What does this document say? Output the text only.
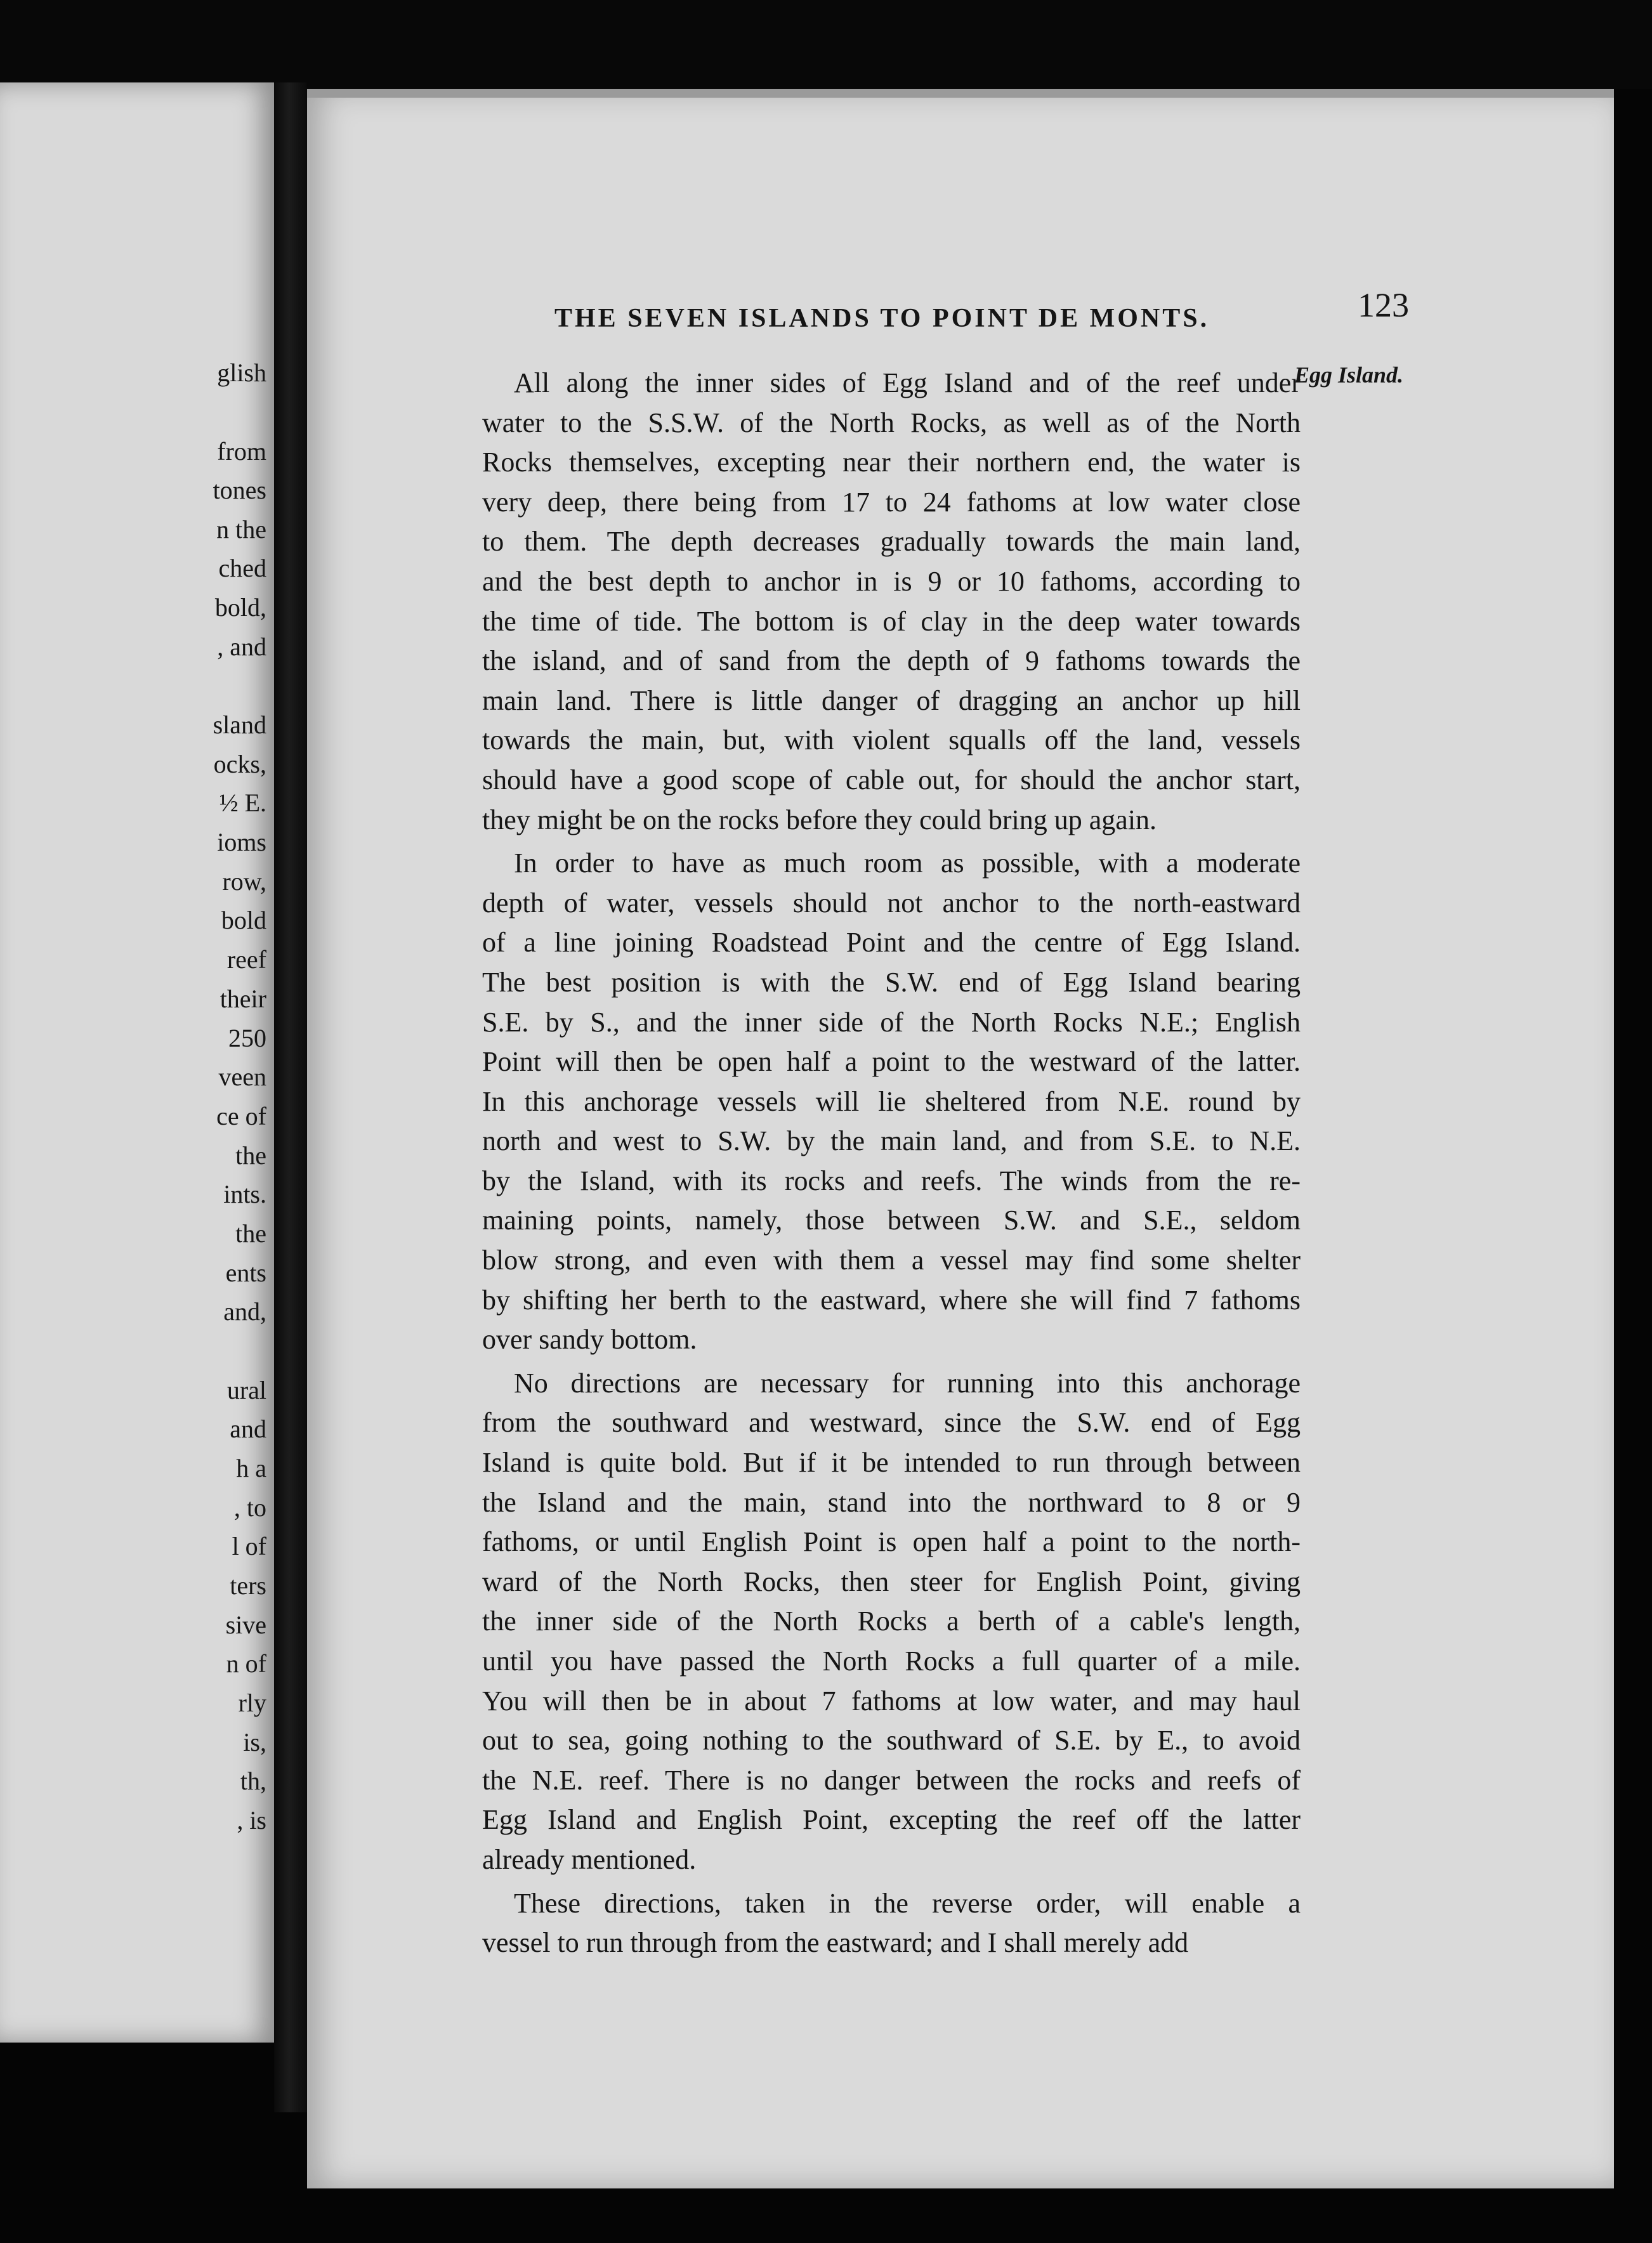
glish
from
tones
n the
ched
bold,
, and
sland
ocks,
½ E.
ioms
row,
bold
reef
their
250
veen
ce of
the
ints.
the
ents
and,
ural
and
h a
, to
l of
ters
sive
n of
rly
is,
th,
, is
THE SEVEN ISLANDS TO POINT DE MONTS.	123
Egg Island.
All along the inner sides of Egg Island and of the reef under
water to the S.S.W. of the North Rocks, as well as of the North
Rocks themselves, excepting near their northern end, the water is
very deep, there being from 17 to 24 fathoms at low water close
to them. The depth decreases gradually towards the main land,
and the best depth to anchor in is 9 or 10 fathoms, according to
the time of tide. The bottom is of clay in the deep water towards
the island, and of sand from the depth of 9 fathoms towards the
main land. There is little danger of dragging an anchor up hill
towards the main, but, with violent squalls off the land, vessels
should have a good scope of cable out, for should the anchor start,
they might be on the rocks before they could bring up again.
In order to have as much room as possible, with a moderate
depth of water, vessels should not anchor to the north-eastward
of a line joining Roadstead Point and the centre of Egg Island.
The best position is with the S.W. end of Egg Island bearing
S.E. by S., and the inner side of the North Rocks N.E.; English
Point will then be open half a point to the westward of the latter.
In this anchorage vessels will lie sheltered from N.E. round by
north and west to S.W. by the main land, and from S.E. to N.E.
by the Island, with its rocks and reefs. The winds from the re-
maining points, namely, those between S.W. and S.E., seldom
blow strong, and even with them a vessel may find some shelter
by shifting her berth to the eastward, where she will find 7 fathoms
over sandy bottom.
No directions are necessary for running into this anchorage
from the southward and westward, since the S.W. end of Egg
Island is quite bold. But if it be intended to run through between
the Island and the main, stand into the northward to 8 or 9
fathoms, or until English Point is open half a point to the north-
ward of the North Rocks, then steer for English Point, giving
the inner side of the North Rocks a berth of a cable's length,
until you have passed the North Rocks a full quarter of a mile.
You will then be in about 7 fathoms at low water, and may haul
out to sea, going nothing to the southward of S.E. by E., to avoid
the N.E. reef. There is no danger between the rocks and reefs of
Egg Island and English Point, excepting the reef off the latter
already mentioned.
These directions, taken in the reverse order, will enable a
vessel to run through from the eastward; and I shall merely add
